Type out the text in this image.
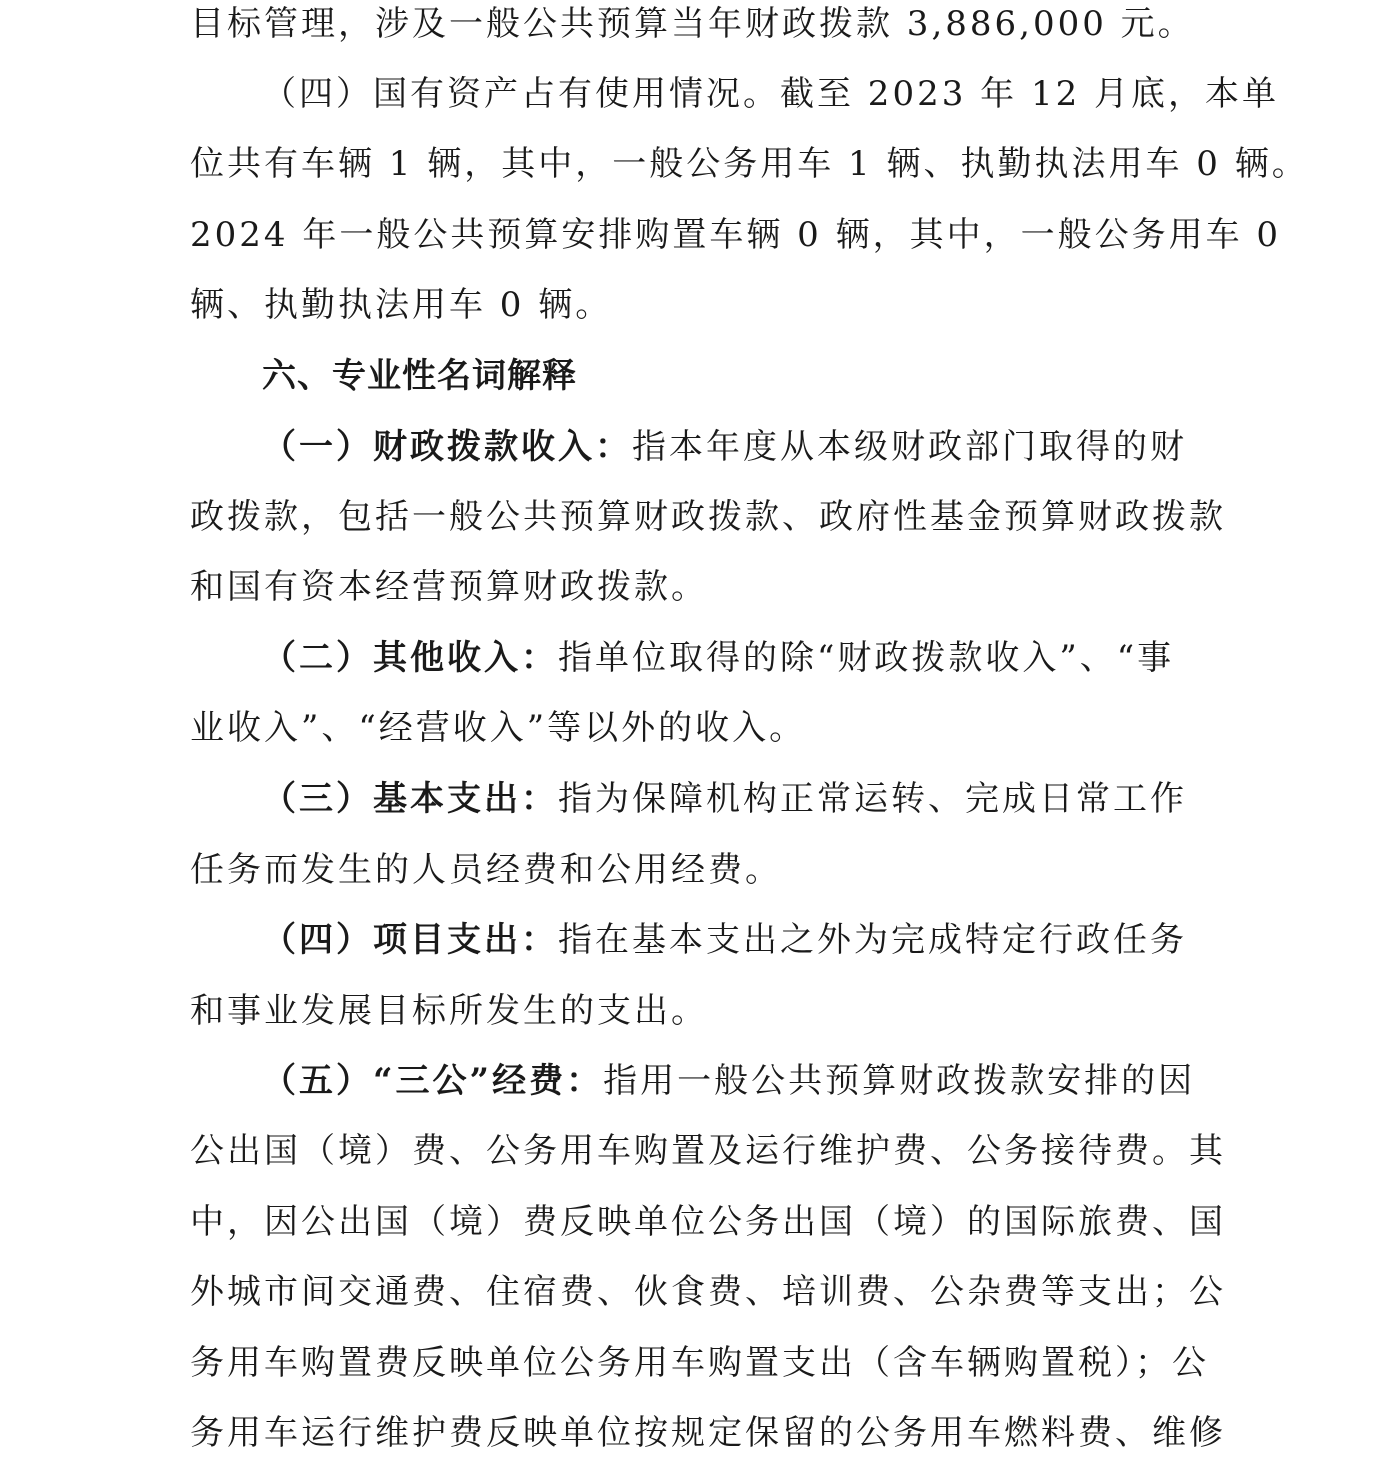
目标管理，涉及一般公共预算当年财政拨款 3,886,000 元。
（四）国有资产占有使用情况。截至 2023 年 12 月底，本单
位共有车辆 1 辆，其中，一般公务用车 1 辆、执勤执法用车 0 辆。
2024 年一般公共预算安排购置车辆 0 辆，其中，一般公务用车 0
辆、执勤执法用车 0 辆。
六、专业性名词解释
（一）财政拨款收入：指本年度从本级财政部门取得的财
政拨款，包括一般公共预算财政拨款、政府性基金预算财政拨款
和国有资本经营预算财政拨款。
（二）其他收入：指单位取得的除“财政拨款收入”、“事
业收入”、“经营收入”等以外的收入。
（三）基本支出：指为保障机构正常运转、完成日常工作
任务而发生的人员经费和公用经费。
（四）项目支出：指在基本支出之外为完成特定行政任务
和事业发展目标所发生的支出。
（五）“三公”经费：指用一般公共预算财政拨款安排的因
公出国（境）费、公务用车购置及运行维护费、公务接待费。其
中，因公出国（境）费反映单位公务出国（境）的国际旅费、国
外城市间交通费、住宿费、伙食费、培训费、公杂费等支出；公
务用车购置费反映单位公务用车购置支出（含车辆购置税）；公
务用车运行维护费反映单位按规定保留的公务用车燃料费、维修
